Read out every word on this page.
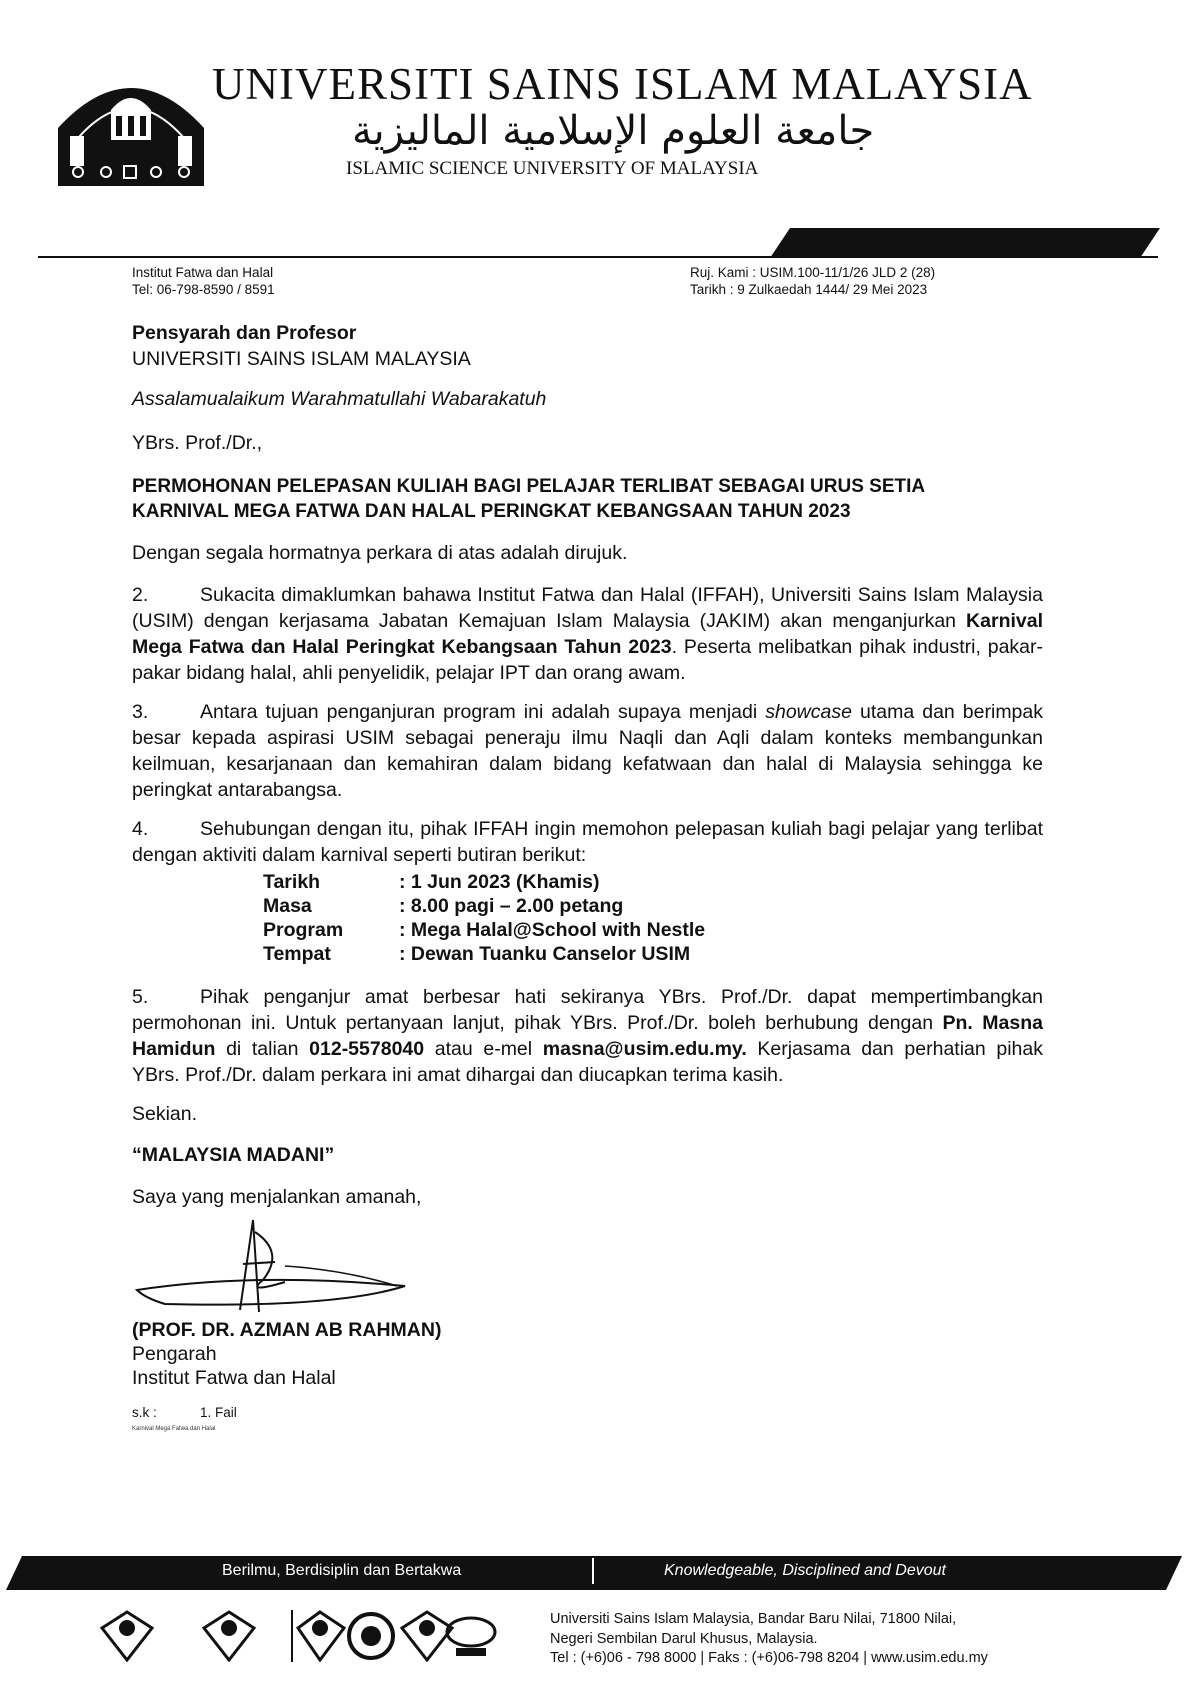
UNIVERSITI SAINS ISLAM MALAYSIA
جامعة العلوم الإسلامية الماليزية
ISLAMIC SCIENCE UNIVERSITY OF MALAYSIA
Institut Fatwa dan Halal
Tel: 06-798-8590 / 8591
Ruj. Kami : USIM.100-11/1/26 JLD 2 (28)
Tarikh : 9 Zulkaedah 1444/ 29 Mei 2023
Pensyarah dan Profesor
UNIVERSITI SAINS ISLAM MALAYSIA
Assalamualaikum Warahmatullahi Wabarakatuh
YBrs. Prof./Dr.,
PERMOHONAN PELEPASAN KULIAH BAGI PELAJAR TERLIBAT SEBAGAI URUS SETIA
KARNIVAL MEGA FATWA DAN HALAL PERINGKAT KEBANGSAAN TAHUN 2023
Dengan segala hormatnya perkara di atas adalah dirujuk.
2.	Sukacita dimaklumkan bahawa Institut Fatwa dan Halal (IFFAH), Universiti Sains Islam Malaysia (USIM) dengan kerjasama Jabatan Kemajuan Islam Malaysia (JAKIM) akan menganjurkan Karnival Mega Fatwa dan Halal Peringkat Kebangsaan Tahun 2023. Peserta melibatkan pihak industri, pakar- pakar bidang halal, ahli penyelidik, pelajar IPT dan orang awam.
3.	Antara tujuan penganjuran program ini adalah supaya menjadi showcase utama dan berimpak besar kepada aspirasi USIM sebagai peneraju ilmu Naqli dan Aqli dalam konteks membangunkan keilmuan, kesarjanaan dan kemahiran dalam bidang kefatwaan dan halal di Malaysia sehingga ke peringkat antarabangsa.
4.	Sehubungan dengan itu, pihak IFFAH ingin memohon pelepasan kuliah bagi pelajar yang terlibat dengan aktiviti dalam karnival seperti butiran berikut:
Tarikh	: 1 Jun 2023 (Khamis)
Masa	: 8.00 pagi – 2.00 petang
Program	: Mega Halal@School with Nestle
Tempat	: Dewan Tuanku Canselor USIM
5.	Pihak penganjur amat berbesar hati sekiranya YBrs. Prof./Dr. dapat mempertimbangkan permohonan ini. Untuk pertanyaan lanjut, pihak YBrs. Prof./Dr. boleh berhubung dengan Pn. Masna Hamidun di talian 012-5578040 atau e-mel masna@usim.edu.my. Kerjasama dan perhatian pihak YBrs. Prof./Dr. dalam perkara ini amat dihargai dan diucapkan terima kasih.
Sekian.
“MALAYSIA MADANI”
Saya yang menjalankan amanah,
(PROF. DR. AZMAN AB RAHMAN)
Pengarah
Institut Fatwa dan Halal
s.k :	1. Fail
Karnival Mega Fatwa dan Halal
Berilmu, Berdisiplin dan Bertakwa	Knowledgeable, Disciplined and Devout
Universiti Sains Islam Malaysia, Bandar Baru Nilai, 71800 Nilai,
Negeri Sembilan Darul Khusus, Malaysia.
Tel : (+6)06 - 798 8000 | Faks : (+6)06-798 8204 | www.usim.edu.my
